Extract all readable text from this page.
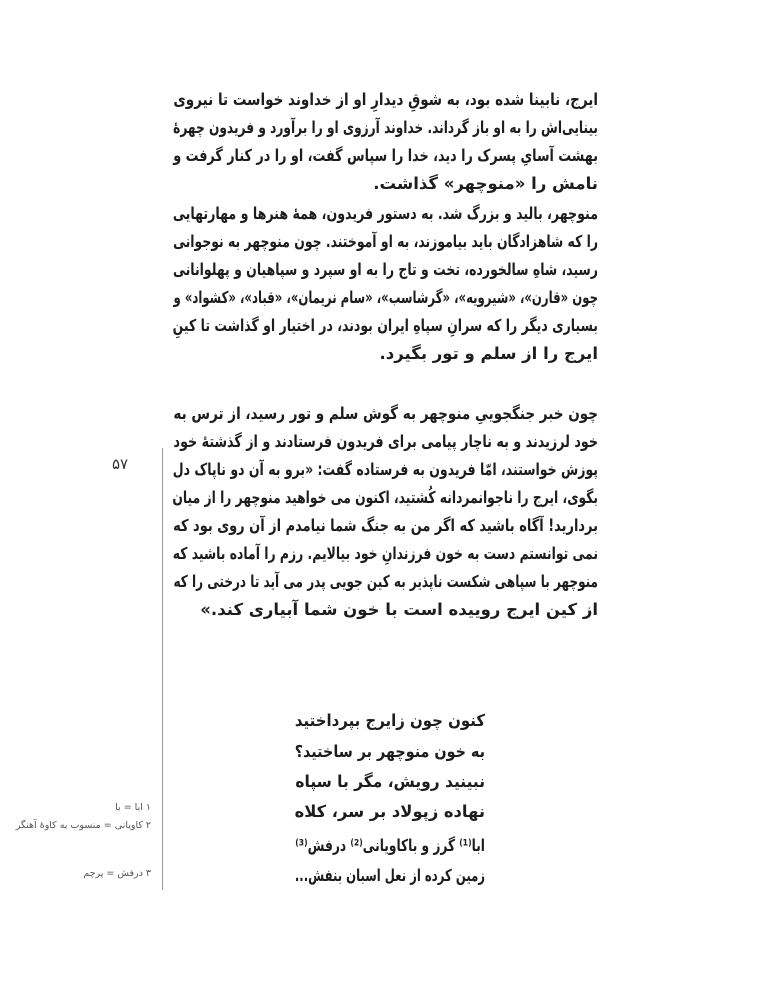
ایرج، نابینا شده بود، به شوقِ دیدارِ او از خداوند خواست تا نیروی
بینایی‌اش را به او باز گرداند. خداوند آرزوی او را برآورد و فریدون چهرهٔ
بهشت آسایِ پسرک را دید، خدا را سپاس گفت، او را در کنار گرفت و
نامش را «منوچهر» گذاشت.
منوچهر، بالید و بزرگ شد. به دستور فریدون، همهٔ هنرها و مهارتهایی
را که شاهزادگان باید بیاموزند، به او آموختند. چون منوچهر به نوجوانی
رسید، شاهِ سالخورده، تخت و تاج را به او سپرد و سپاهیان و پهلوانانی
چون «قارن»، «شیرویه»، «گرشاسب»، «سام نریمان»، «قباد»، «کشواد» و
بسیاری دیگر را که سرانِ سپاهِ ایران بودند، در اختیار او گذاشت تا کینِ
ایرج را از سلم و تور بگیرد.
چون خبر جنگجوییِ منوچهر به گوش سلم و تور رسید، از ترس به
خود لرزیدند و به ناچار پیامی برای فریدون فرستادند و از گذشتهٔ خود
پوزش خواستند، امّا فریدون به فرستاده گفت: «برو به آن دو ناپاک دل
بگوی، ایرج را ناجوانمردانه کُشتید، اکنون می خواهید منوچهر را از میان
بردارید! آگاه باشید که اگر من به جنگ شما نیامدم از آن روی بود که
نمی توانستم دست به خون فرزندانِ خود بیالایم. رزم را آماده باشید که
منوچهر با سپاهی شکست ناپذیر به کین جویی پدر می آید تا درختی را که
از کین ایرج روییده است با خون شما آبیاری کند.»
کنون چون زایرج بپرداختید
به خون منوچهر بر ساختید؟
نبینید رویش، مگر با سپاه
نهاده زپولاد بر سر، کلاه
ابا⁽¹⁾ گرز و باکاویانی⁽²⁾ درفش⁽³⁾
زمین کرده از نعل اسبان بنفش...
۵۷
۱ ابا = با
۲ کاویانی = منسوب به کاوهٔ آهنگر
۳ درفش = پرچم
